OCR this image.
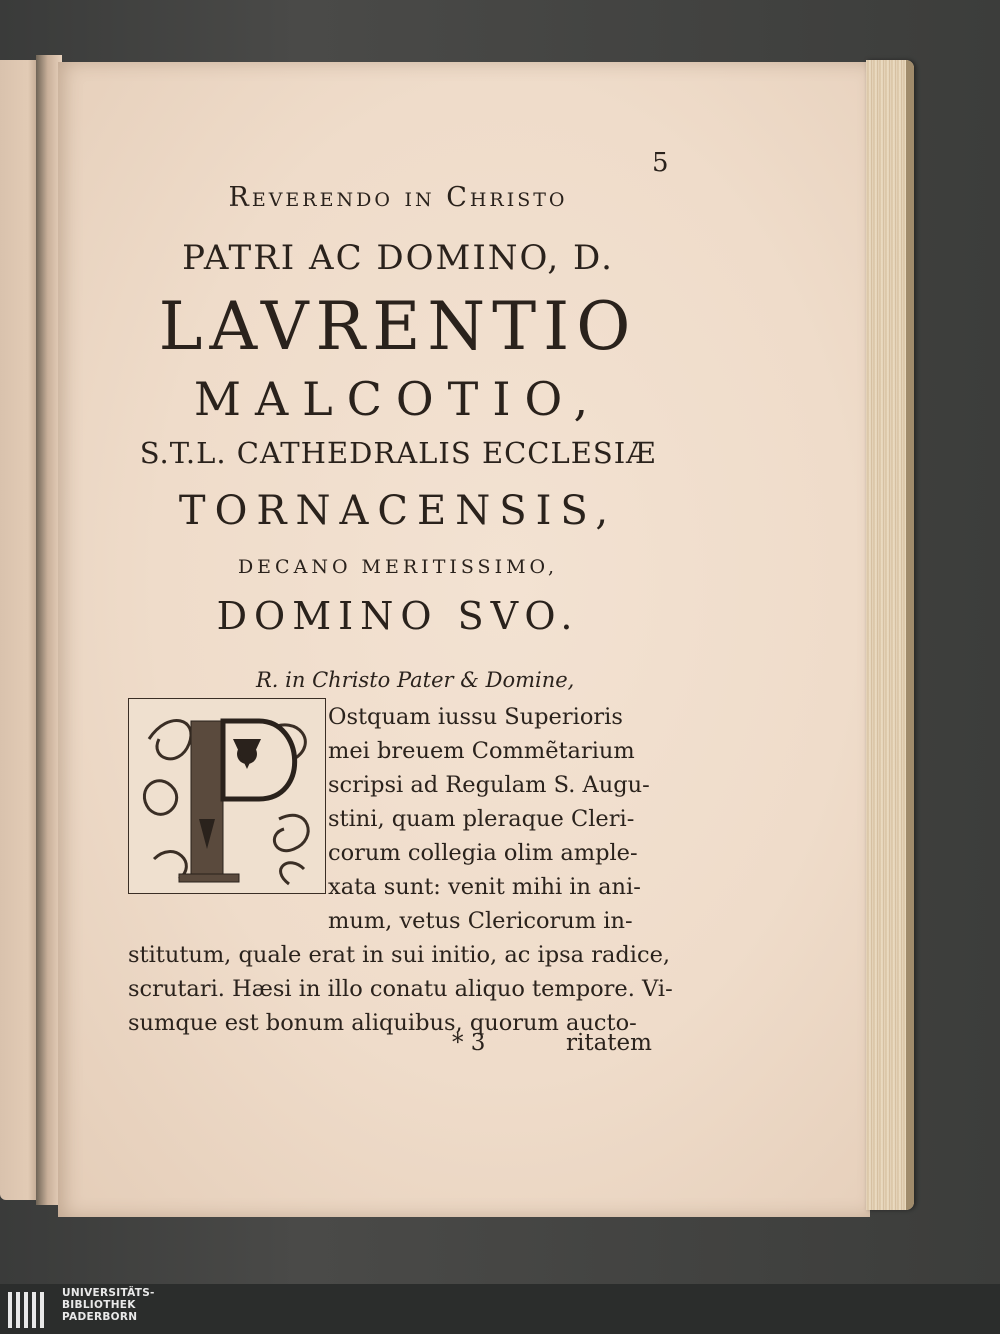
5
Reverendo in Christo
PATRI AC DOMINO, D.
LAVRENTIO
MALCOTIO,
S.T.L. CATHEDRALIS ECCLESIÆ
TORNACENSIS,
DECANO MERITISSIMO,
DOMINO SVO.
R. in Christo Pater & Domine,
Ostquam iussu Superioris
mei breuem Commẽtarium
scripsi ad Regulam S. Augu-
stini, quam pleraque Cleri-
corum collegia olim ample-
xata sunt: venit mihi in ani-
mum, vetus Clericorum in-
stitutum, quale erat in sui initio, ac ipsa radice,
scrutari. Hæsi in illo conatu aliquo tempore. Vi-
sumque est bonum aliquibus, quorum aucto-
* 3	ritatem
UNIVERSITÄTS-
BIBLIOTHEK
PADERBORN
